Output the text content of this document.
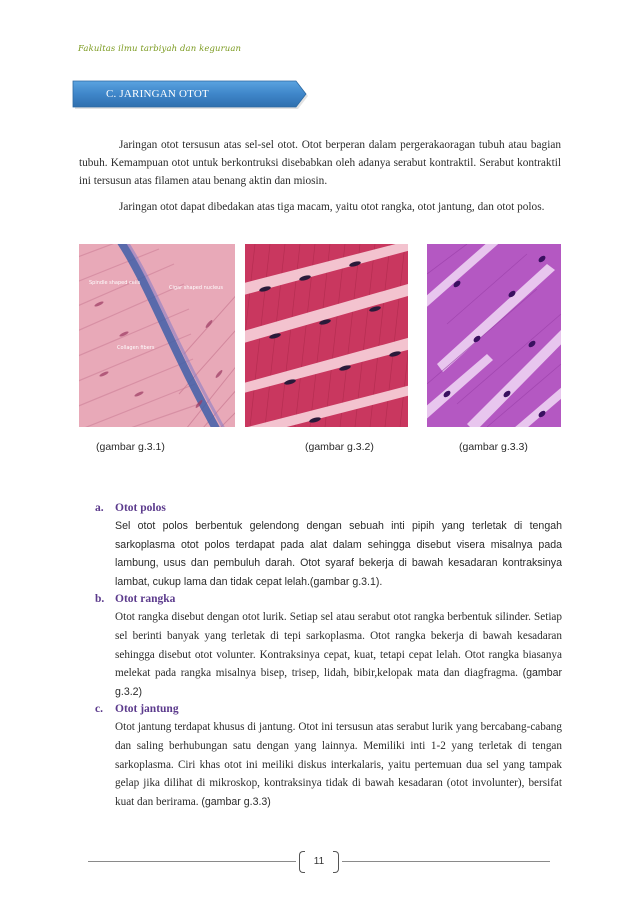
Fakultas ilmu tarbiyah dan keguruan
C. JARINGAN OTOT

Jaringan otot tersusun atas sel-sel otot. Otot berperan dalam pergerakaoragan tubuh atau bagian tubuh. Kemampuan otot untuk berkontruksi disebabkan oleh adanya serabut kontraktil. Serabut kontraktil ini tersusun atas filamen atau benang aktin dan miosin.

Jaringan otot dapat dibedakan atas tiga macam, yaitu otot rangka, otot jantung, dan otot polos.

Spindle shaped cells
Cigar shaped nucleus
Collagen fibers
(gambar g.3.1)	(gambar g.3.2)	(gambar g.3.3)
a. Otot polos
Sel otot polos berbentuk gelendong dengan sebuah inti pipih yang terletak di tengah sarkoplasma otot polos terdapat pada alat dalam sehingga disebut visera misalnya pada lambung, usus dan pembuluh darah. Otot syaraf bekerja di bawah kesadaran kontraksinya lambat, cukup lama dan tidak cepat lelah.(gambar g.3.1).
b. Otot rangka
Otot rangka disebut dengan otot lurik. Setiap sel atau serabut otot rangka berbentuk silinder. Setiap sel berinti banyak yang terletak di tepi sarkoplasma. Otot rangka bekerja di bawah kesadaran sehingga disebut otot volunter. Kontraksinya cepat, kuat, tetapi cepat lelah. Otot rangka biasanya melekat pada rangka misalnya bisep, trisep, lidah, bibir,kelopak mata dan diagfragma. (gambar g.3.2)
c. Otot jantung
Otot jantung terdapat khusus di jantung. Otot ini tersusun atas serabut lurik yang bercabang-cabang dan saling berhubungan satu dengan yang lainnya. Memiliki inti 1-2 yang terletak di tengan sarkoplasma. Ciri khas otot ini meiliki diskus interkalaris, yaitu pertemuan dua sel yang tampak gelap jika dilihat di mikroskop, kontraksinya tidak di bawah kesadaran (otot involunter), bersifat kuat dan berirama. (gambar g.3.3)
11
